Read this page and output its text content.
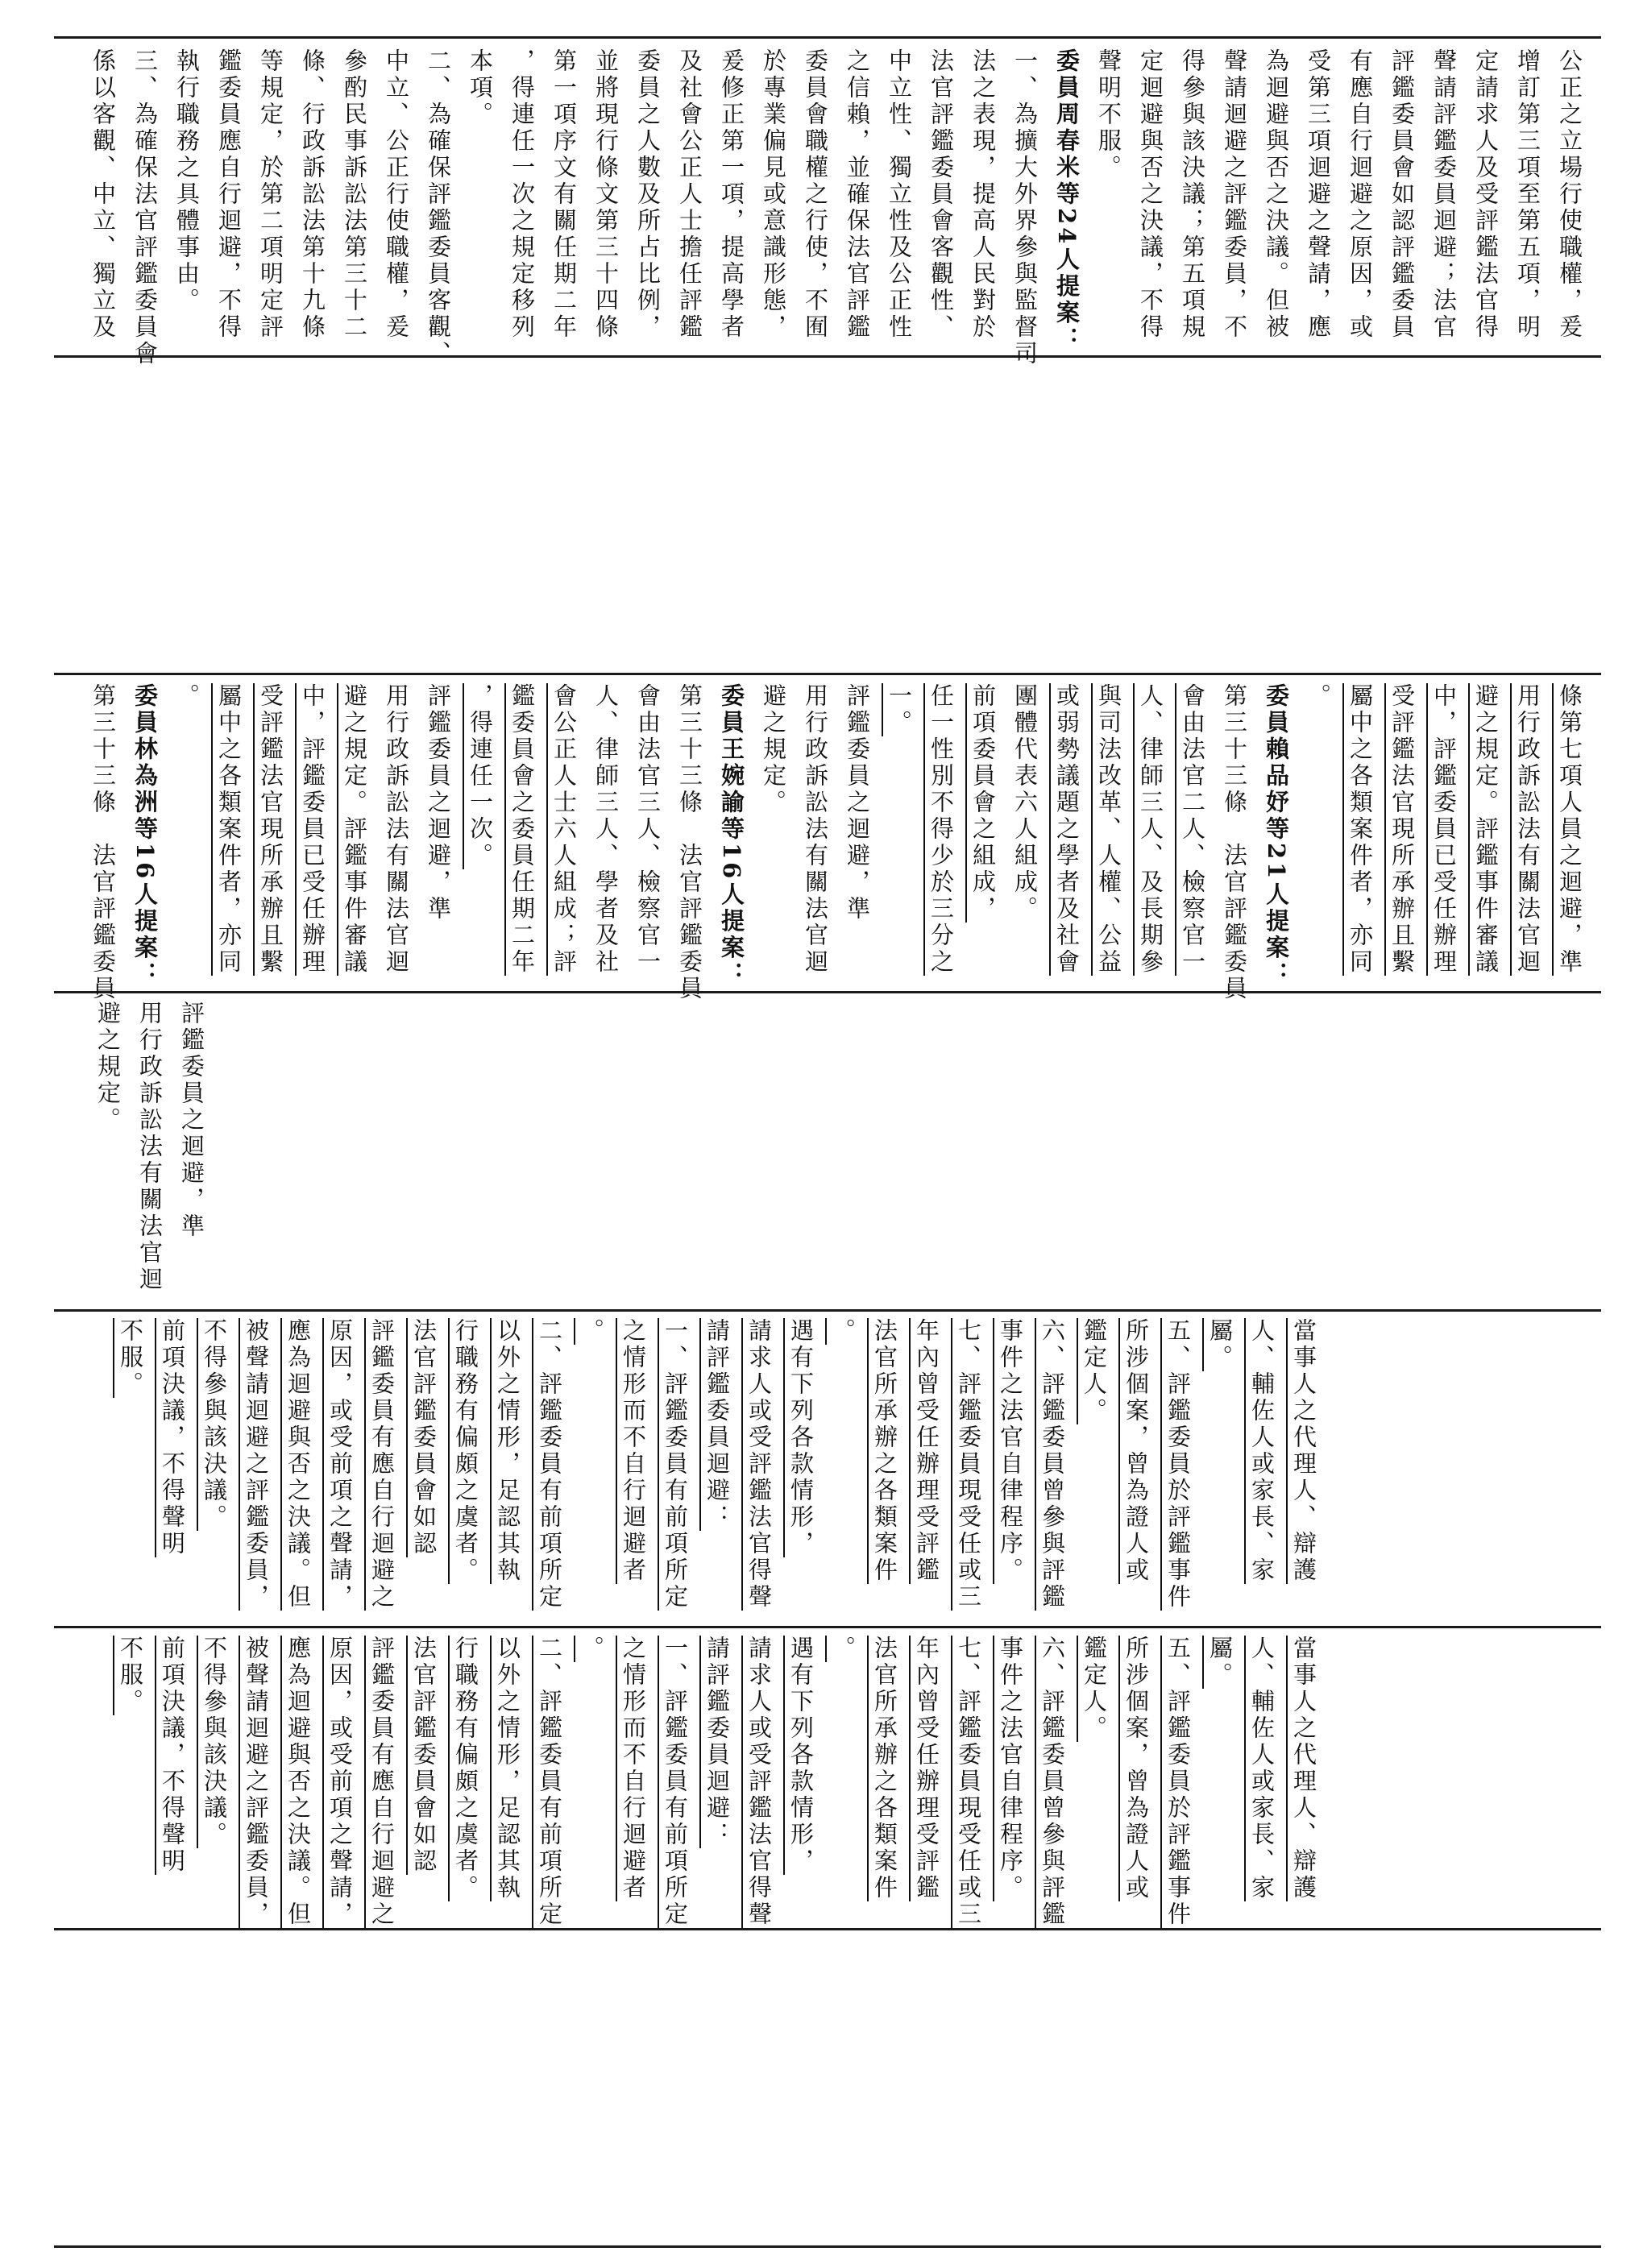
公正之立場行使職權，爰

增訂第三項至第五項，明

定請求人及受評鑑法官得

聲請評鑑委員迴避；法官

評鑑委員會如認評鑑委員

有應自行迴避之原因，或

受第三項迴避之聲請，應

為迴避與否之決議。但被

聲請迴避之評鑑委員，不

得參與該決議；第五項規

定迴避與否之決議，不得

聲明不服。

委員周春米等24人提案：

一、為擴大外界參與監督司

法之表現，提高人民對於

法官評鑑委員會客觀性、

中立性、獨立性及公正性

之信賴，並確保法官評鑑

委員會職權之行使，不囿

於專業偏見或意識形態，

爰修正第一項，提高學者

及社會公正人士擔任評鑑

委員之人數及所占比例，

並將現行條文第三十四條

第一項序文有關任期二年

，得連任一次之規定移列

本項。

二、為確保評鑑委員客觀、

中立、公正行使職權，爰

參酌民事訴訟法第三十二

條、行政訴訟法第十九條

等規定，於第二項明定評

鑑委員應自行迴避，不得

執行職務之具體事由。

三、為確保法官評鑑委員會

係以客觀、中立、獨立及

條第七項人員之迴避，準

用行政訴訟法有關法官迴

避之規定。評鑑事件審議

中，評鑑委員已受任辦理

受評鑑法官現所承辦且繫

屬中之各類案件者，亦同

。

委員賴品妤等21人提案：

第三十三條　法官評鑑委員

會由法官二人、檢察官一

人、律師三人、及長期參

與司法改革、人權、公益

或弱勢議題之學者及社會

團體代表六人組成。

前項委員會之組成，

任一性別不得少於三分之

一。

評鑑委員之迴避，準

用行政訴訟法有關法官迴

避之規定。

委員王婉諭等16人提案：

第三十三條　法官評鑑委員

會由法官三人、檢察官一

人、律師三人、學者及社

會公正人士六人組成；評

鑑委員會之委員任期二年

，得連任一次。

評鑑委員之迴避，準

用行政訴訟法有關法官迴

避之規定。評鑑事件審議

中，評鑑委員已受任辦理

受評鑑法官現所承辦且繫

屬中之各類案件者，亦同

。

委員林為洲等16人提案：

第三十三條　法官評鑑委員

評鑑委員之迴避，準

用行政訴訟法有關法官迴

避之規定。

當事人之代理人、辯護

人、輔佐人或家長、家

屬。

五、評鑑委員於評鑑事件

所涉個案，曾為證人或

鑑定人。

六、評鑑委員曾參與評鑑

事件之法官自律程序。

七、評鑑委員現受任或三

年內曾受任辦理受評鑑

法官所承辦之各類案件

。

遇有下列各款情形，

請求人或受評鑑法官得聲

請評鑑委員迴避：

一、評鑑委員有前項所定

之情形而不自行迴避者

。

二、評鑑委員有前項所定

以外之情形，足認其執

行職務有偏頗之虞者。

法官評鑑委員會如認

評鑑委員有應自行迴避之

原因，或受前項之聲請，

應為迴避與否之決議。但

被聲請迴避之評鑑委員，

不得參與該決議。

前項決議，不得聲明

不服。

當事人之代理人、辯護

人、輔佐人或家長、家

屬。

五、評鑑委員於評鑑事件

所涉個案，曾為證人或

鑑定人。

六、評鑑委員曾參與評鑑

事件之法官自律程序。

七、評鑑委員現受任或三

年內曾受任辦理受評鑑

法官所承辦之各類案件

。

遇有下列各款情形，

請求人或受評鑑法官得聲

請評鑑委員迴避：

一、評鑑委員有前項所定

之情形而不自行迴避者

。

二、評鑑委員有前項所定

以外之情形，足認其執

行職務有偏頗之虞者。

法官評鑑委員會如認

評鑑委員有應自行迴避之

原因，或受前項之聲請，

應為迴避與否之決議。但

被聲請迴避之評鑑委員，

不得參與該決議。

前項決議，不得聲明

不服。
